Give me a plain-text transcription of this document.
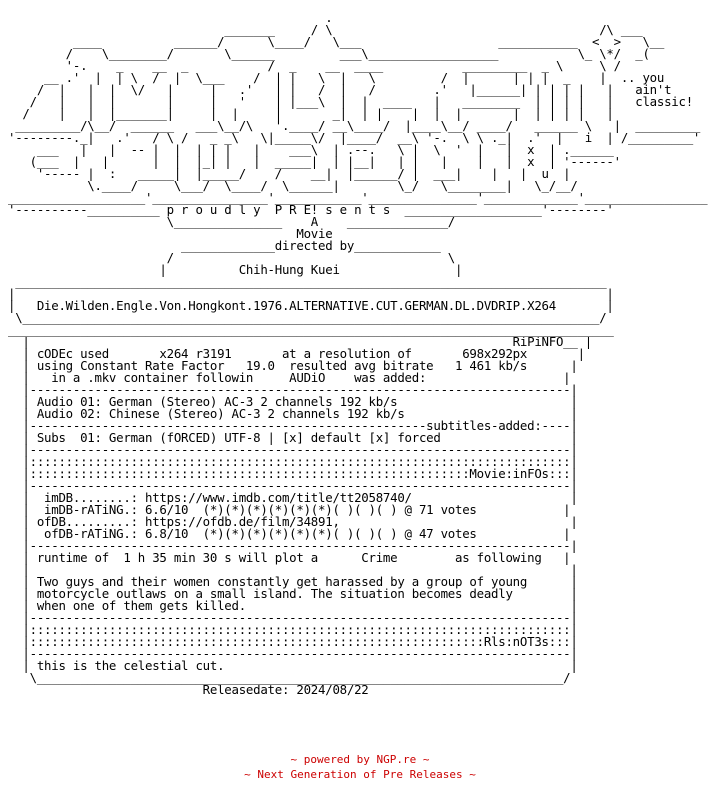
.
_______     / \                                     /\ ___
____          ______/      \____/   \___                   ___________  <  >   \__
/    \________/       \______         ___\__________________           \_ \*/  _(
'-.    _    __  _           /  _    __  ____           _________  _ \     \ /
__ .'  |  | \  /  |  \___    /  | |   \  |   \         /  |      | | |  _    |  .. you
/  |   |  |  \/   |     |   .'   | |   /  |   /        .'   |______| | | | |   |   ain't
/   |   |  |       |     |   '    | |___\  |  |  ____   |   ________  | | | |   |   classic!
/    |   |  |_______|     |  |     |       _|  | |    |  |  |       |  | | | |   |
_________/\__/  ______   ___\__/\   '.____/ __\____/  |____\__/ ____/   ______ \   |  _________
'--------._|   .'   / \ /   _ _\   \|_____\/  |____/  __\ '-.  \ \ ._|  .'  |   i  | /_________'
___   |   |  -- |  |  | | |   |    ___\  | .--.   \ |  \  '  |   |  x  | .______
(___  |   |      |  |  |_| |   |  _____|  | |__|   | |   |    |   |  x  | '------'
'----- |  :   _____|  |_____/    /    __|  |______/ |  ___|    |   |  u  |
\.____/     \___/  \____/  \______|        \_/   \________|   \_/__/
___________________'________________'____________'_______________'_____________'_________________
'----------__________ p r o u d l y  P R E! s e n t s  ___________________'--------'
\_______________    A    ______________/
Movie
_____________directed by____________
/                                      \
|          Chih-Hung Kuei                |
__________________________________________________________________________________
|                                                                                  |
|   Die.Wilden.Engle.Von.Hongkont.1976.ALTERNATIVE.CUT.GERMAN.DL.DVDRIP.X264       |
\________________________________________________________________________________/
____________________________________________________________________________________
|                                                                   RiPiNFO__ |
| cODEc used       x264 r3191       at a resolution of       698x292px       |
| using Constant Rate Factor   19.0  resulted avg bitrate   1 461 kb/s      |
|   in a .mkv container followin     AUDiO    was added:                   |
|---------------------------------------------------------------------------|
| Audio 01: German (Stereo) AC-3 2 channels 192 kb/s                        |
| Audio 02: Chinese (Stereo) AC-3 2 channels 192 kb/s                       |
|-------------------------------------------------------subtitles-added:----|
| Subs  01: German (fORCED) UTF-8 | [x] default [x] forced                  |
|---------------------------------------------------------------------------|
|:::::::::::::::::::::::::::::::::::::::::::::::::::::::::::::::::::::::::::|
|:::::::::::::::::::::::::::::::::::::::::::::::::::::::::::::Movie:inFOs:::|
|---------------------------------------------------------------------------|
|  imDB........: https://www.imdb.com/title/tt2058740/                      |
|  imDB-rATiNG.: 6.6/10  (*)(*)(*)(*)(*)(*)( )( )( ) @ 71 votes            |
| ofDB.........: https://ofdb.de/film/34891,                                |
|  ofDB-rATiNG.: 6.8/10  (*)(*)(*)(*)(*)(*)( )( )( ) @ 47 votes            |
|---------------------------------------------------------------------------|
| runtime of  1 h 35 min 30 s will plot a      Crime        as following   |
|                                                                           |
| Two guys and their women constantly get harassed by a group of young      |
| motorcycle outlaws on a small island. The situation becomes deadly        |
| when one of them gets killed.                                             |
|---------------------------------------------------------------------------|
|:::::::::::::::::::::::::::::::::::::::::::::::::::::::::::::::::::::::::::|
|:::::::::::::::::::::::::::::::::::::::::::::::::::::::::::::::Rls:nOT3s:::|
|---------------------------------------------------------------------------|
| this is the celestial cut.                                                |
\_________________________________________________________________________/
Releasedate: 2024/08/22
~ powered by NGP.re ~
~ Next Generation of Pre Releases ~
